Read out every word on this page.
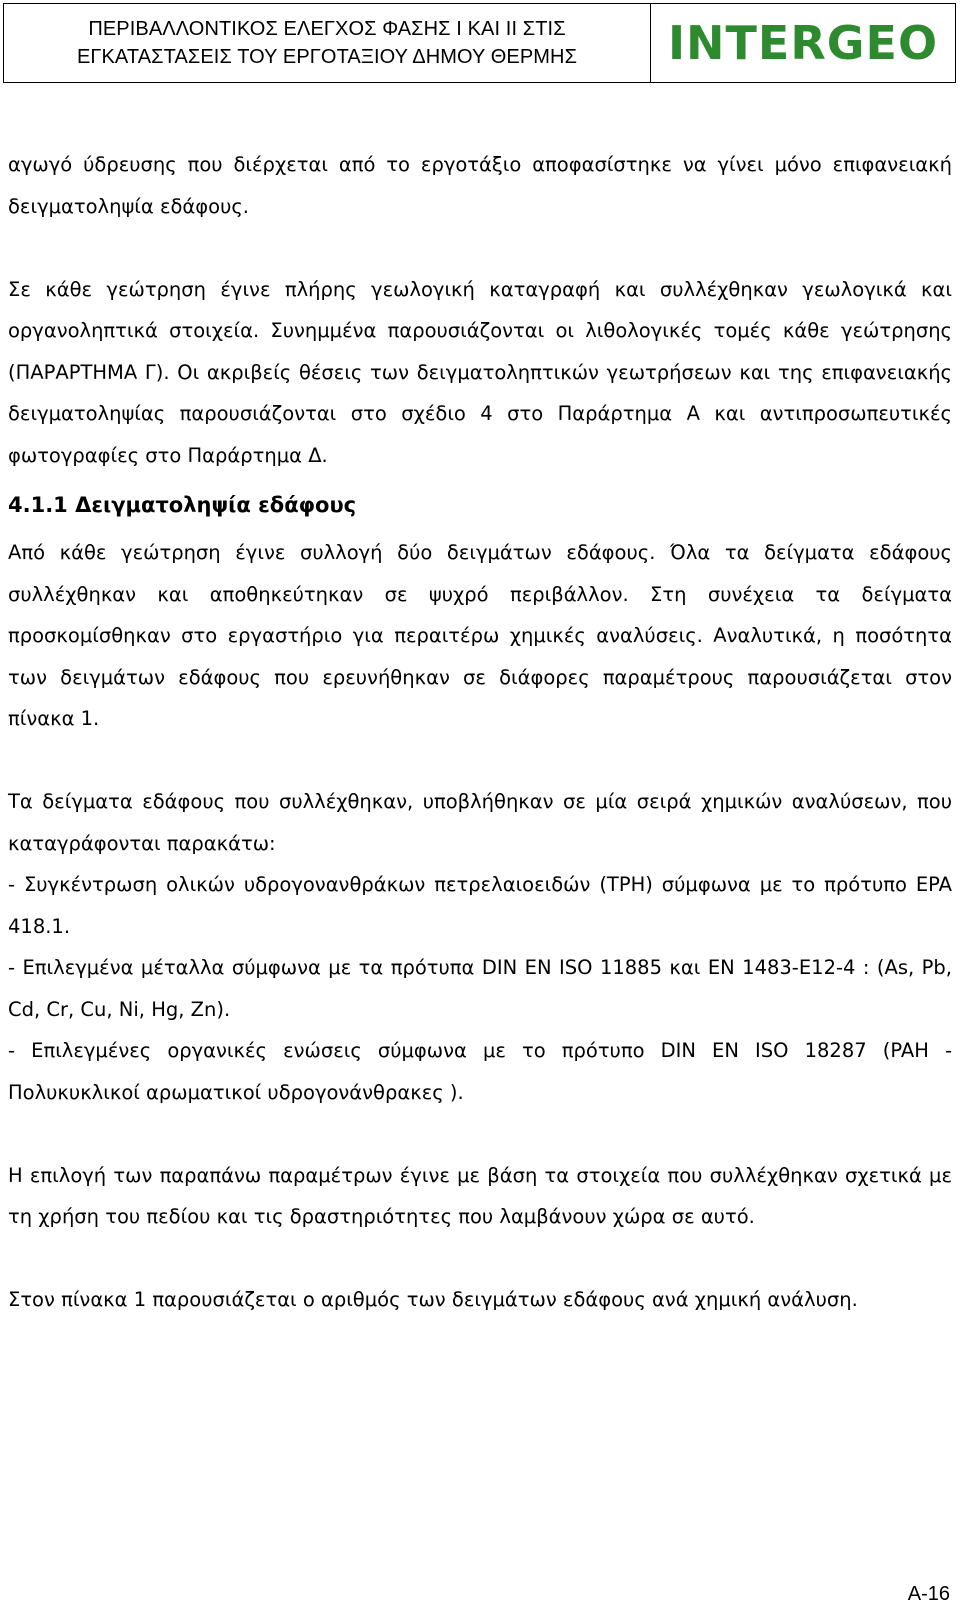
ΠΕΡΙΒΑΛΛΟΝΤΙΚΟΣ ΕΛΕΓΧΟΣ ΦΑΣΗΣ Ι ΚΑΙ ΙΙ ΣΤΙΣ
ΕΓΚΑΤΑΣΤΑΣΕΙΣ ΤΟΥ ΕΡΓΟΤΑΞΙΟΥ ΔΗΜΟΥ ΘΕΡΜΗΣ INTERGEO

αγωγό ύδρευσης που διέρχεται από το εργοτάξιο αποφασίστηκε να γίνει μόνο επιφανειακή δειγματοληψία εδάφους.

Σε κάθε γεώτρηση έγινε πλήρης γεωλογική καταγραφή και συλλέχθηκαν γεωλογικά και οργανοληπτικά στοιχεία. Συνημμένα παρουσιάζονται οι λιθολογικές τομές κάθε γεώτρησης (ΠΑΡΑΡΤΗΜΑ Γ). Οι ακριβείς θέσεις των δειγματοληπτικών γεωτρήσεων και της επιφανειακής δειγματοληψίας παρουσιάζονται στο σχέδιο 4 στο Παράρτημα Α και αντιπροσωπευτικές φωτογραφίες στο Παράρτημα Δ.

4.1.1 Δειγματοληψία εδάφους

Από κάθε γεώτρηση έγινε συλλογή δύο δειγμάτων εδάφους. Όλα τα δείγματα εδάφους συλλέχθηκαν και αποθηκεύτηκαν σε ψυχρό περιβάλλον. Στη συνέχεια τα δείγματα προσκομίσθηκαν στο εργαστήριο για περαιτέρω χημικές αναλύσεις. Αναλυτικά, η ποσότητα των δειγμάτων εδάφους που ερευνήθηκαν σε διάφορες παραμέτρους παρουσιάζεται στον πίνακα 1.

Τα δείγματα εδάφους που συλλέχθηκαν, υποβλήθηκαν σε μία σειρά χημικών αναλύσεων, που καταγράφονται παρακάτω:

- Συγκέντρωση ολικών υδρογονανθράκων πετρελαιοειδών (TPH) σύμφωνα με το πρότυπο EPA 418.1.

- Επιλεγμένα μέταλλα σύμφωνα με τα πρότυπα DIN EN ISO 11885 και EN 1483-E12-4 : (As, Pb, Cd, Cr, Cu, Ni, Hg, Zn).

- Επιλεγμένες οργανικές ενώσεις σύμφωνα με το πρότυπο DIN EN ISO 18287 (PAH - Πολυκυκλικοί αρωματικοί υδρογονάνθρακες ).

Η επιλογή των παραπάνω παραμέτρων έγινε με βάση τα στοιχεία που συλλέχθηκαν σχετικά με τη χρήση του πεδίου και τις δραστηριότητες που λαμβάνουν χώρα σε αυτό.

Στον πίνακα 1 παρουσιάζεται ο αριθμός των δειγμάτων εδάφους ανά χημική ανάλυση.

A-16
